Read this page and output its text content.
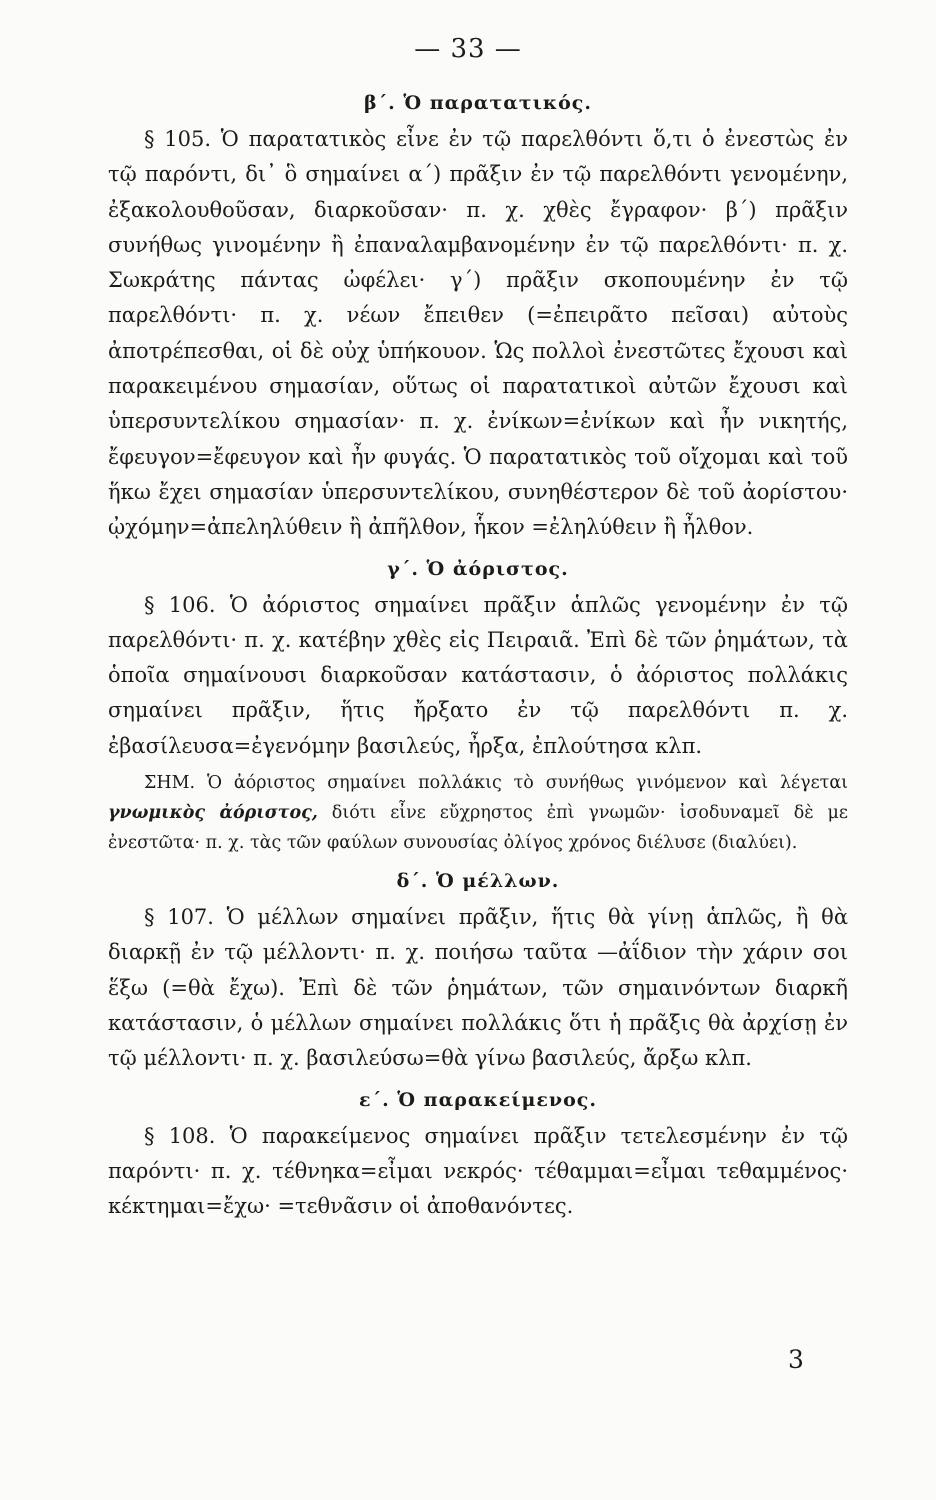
— 33 —
β΄. Ὁ παρατατικός.

§ 105. Ὁ παρατατικὸς εἶνε ἐν τῷ παρελθόντι ὅ,τι ὁ ἐνεστὼς ἐν τῷ παρόντι, δι᾽ ὃ σημαίνει α΄) πρᾶξιν ἐν τῷ παρελθόντι γενομένην, ἐξακολουθοῦσαν, διαρκοῦσαν· π. χ. χθὲς ἔγραφον· β΄) πρᾶξιν συνήθως γινομένην ἢ ἐπαναλαμβανομένην ἐν τῷ παρελθόντι· π. χ. Σωκράτης πάντας ὠφέλει· γ΄) πρᾶξιν σκοπουμένην ἐν τῷ παρελθόντι· π. χ. νέων ἔπειθεν (=ἐπειρᾶτο πεῖσαι) αὐτοὺς ἀποτρέπεσθαι, οἱ δὲ οὐχ ὑπήκουον. Ὡς πολλοὶ ἐνεστῶτες ἔχουσι καὶ παρακειμένου σημασίαν, οὕτως οἱ παρατατικοὶ αὐτῶν ἔχουσι καὶ ὑπερσυντελίκου σημασίαν· π. χ. ἐνίκων=ἐνίκων καὶ ἦν νικητής, ἔφευγον=ἔφευγον καὶ ἦν φυγάς. Ὁ παρατατικὸς τοῦ οἴχομαι καὶ τοῦ ἥκω ἔχει σημασίαν ὑπερσυντελίκου, συνηθέστερον δὲ τοῦ ἀορίστου· ᾠχόμην=ἀπεληλύθειν ἢ ἀπῆλθον, ἧκον =ἐληλύθειν ἢ ἦλθον.

γ΄. Ὁ ἀόριστος.

§ 106. Ὁ ἀόριστος σημαίνει πρᾶξιν ἁπλῶς γενομένην ἐν τῷ παρελθόντι· π. χ. κατέβην χθὲς εἰς Πειραιᾶ. Ἐπὶ δὲ τῶν ῥημάτων, τὰ ὁποῖα σημαίνουσι διαρκοῦσαν κατάστασιν, ὁ ἀόριστος πολλάκις σημαίνει πρᾶξιν, ἥτις ἤρξατο ἐν τῷ παρελθόντι π. χ. ἐβασίλευσα=ἐγενόμην βασιλεύς, ἦρξα, ἐπλούτησα κλπ.

ΣΗΜ. Ὁ ἀόριστος σημαίνει πολλάκις τὸ συνήθως γινόμενον καὶ λέγεται γνωμικὸς ἀόριστος, διότι εἶνε εὔχρηστος ἐπὶ γνωμῶν· ἰσοδυναμεῖ δὲ με ἐνεστῶτα· π. χ. τὰς τῶν φαύλων συνουσίας ὀλίγος χρόνος διέλυσε (διαλύει).

δ΄. Ὁ μέλλων.

§ 107. Ὁ μέλλων σημαίνει πρᾶξιν, ἥτις θὰ γίνῃ ἁπλῶς, ἢ θὰ διαρκῇ ἐν τῷ μέλλοντι· π. χ. ποιήσω ταῦτα —ἀΐδιον τὴν χάριν σοι ἕξω (=θὰ ἔχω). Ἐπὶ δὲ τῶν ῥημάτων, τῶν σημαινόντων διαρκῆ κατάστασιν, ὁ μέλλων σημαίνει πολλάκις ὅτι ἡ πρᾶξις θὰ ἀρχίσῃ ἐν τῷ μέλλοντι· π. χ. βασιλεύσω=θὰ γίνω βασιλεύς, ἄρξω κλπ.

ε΄. Ὁ παρακείμενος.

§ 108. Ὁ παρακείμενος σημαίνει πρᾶξιν τετελεσμένην ἐν τῷ παρόντι· π. χ. τέθνηκα=εἶμαι νεκρός· τέθαμμαι=εἶμαι τεθαμμένος· κέκτημαι=ἔχω· =τεθνᾶσιν οἱ ἀποθανόντες.

3
